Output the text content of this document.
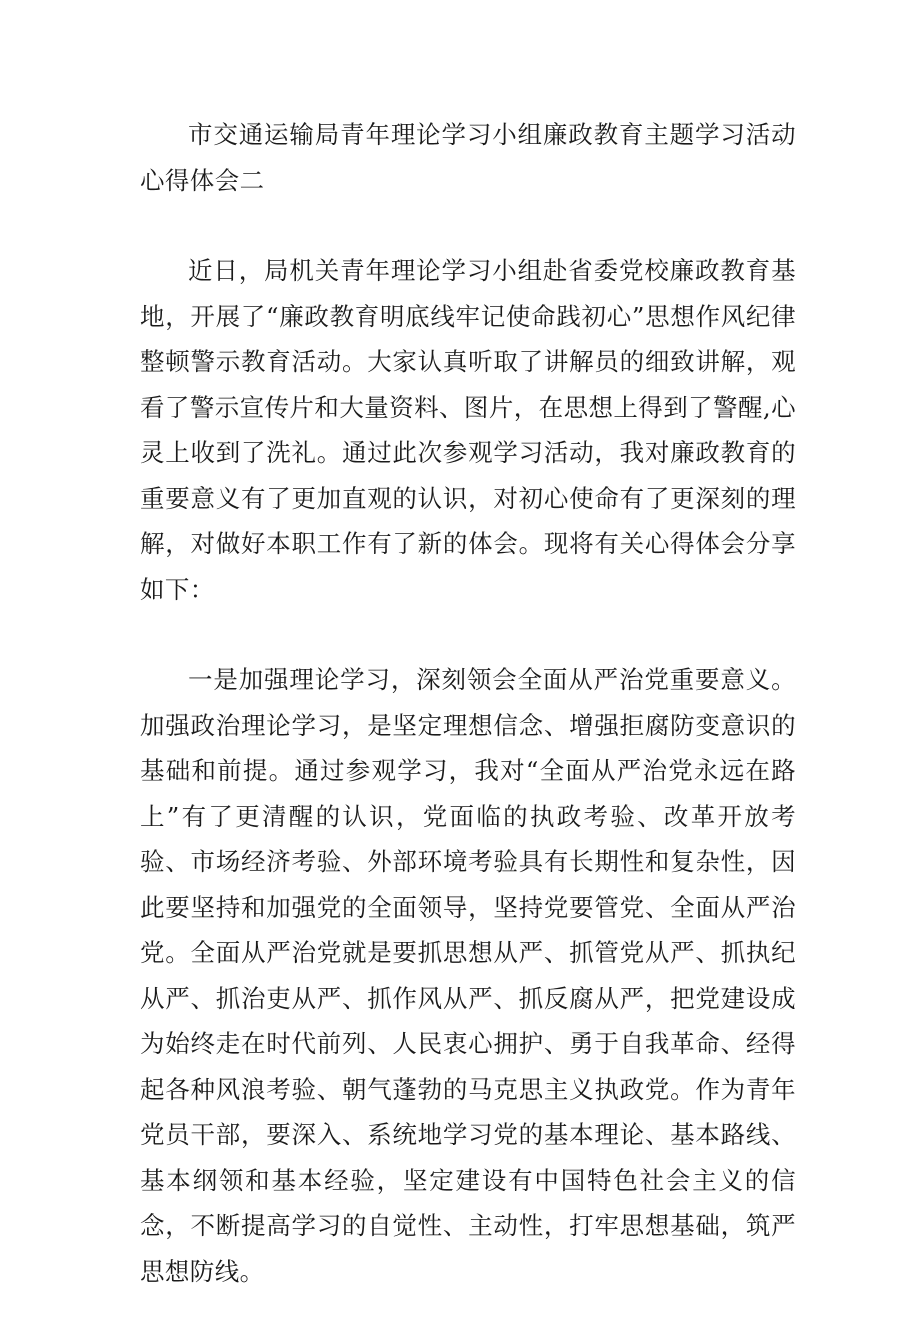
市交通运输局青年理论学习小组廉政教育主题学习活动心得体会二

近日，局机关青年理论学习小组赴省委党校廉政教育基地，开展了“廉政教育明底线牢记使命践初心”思想作风纪律整顿警示教育活动。大家认真听取了讲解员的细致讲解，观看了警示宣传片和大量资料、图片，在思想上得到了警醒,心灵上收到了洗礼。通过此次参观学习活动，我对廉政教育的重要意义有了更加直观的认识，对初心使命有了更深刻的理解，对做好本职工作有了新的体会。现将有关心得体会分享如下：

一是加强理论学习，深刻领会全面从严治党重要意义。加强政治理论学习，是坚定理想信念、增强拒腐防变意识的基础和前提。通过参观学习，我对“全面从严治党永远在路上”有了更清醒的认识，党面临的执政考验、改革开放考验、市场经济考验、外部环境考验具有长期性和复杂性，因此要坚持和加强党的全面领导，坚持党要管党、全面从严治党。全面从严治党就是要抓思想从严、抓管党从严、抓执纪从严、抓治吏从严、抓作风从严、抓反腐从严，把党建设成为始终走在时代前列、人民衷心拥护、勇于自我革命、经得起各种风浪考验、朝气蓬勃的马克思主义执政党。作为青年党员干部，要深入、系统地学习党的基本理论、基本路线、基本纲领和基本经验，坚定建设有中国特色社会主义的信念，不断提高学习的自觉性、主动性，打牢思想基础，筑严思想防线。
